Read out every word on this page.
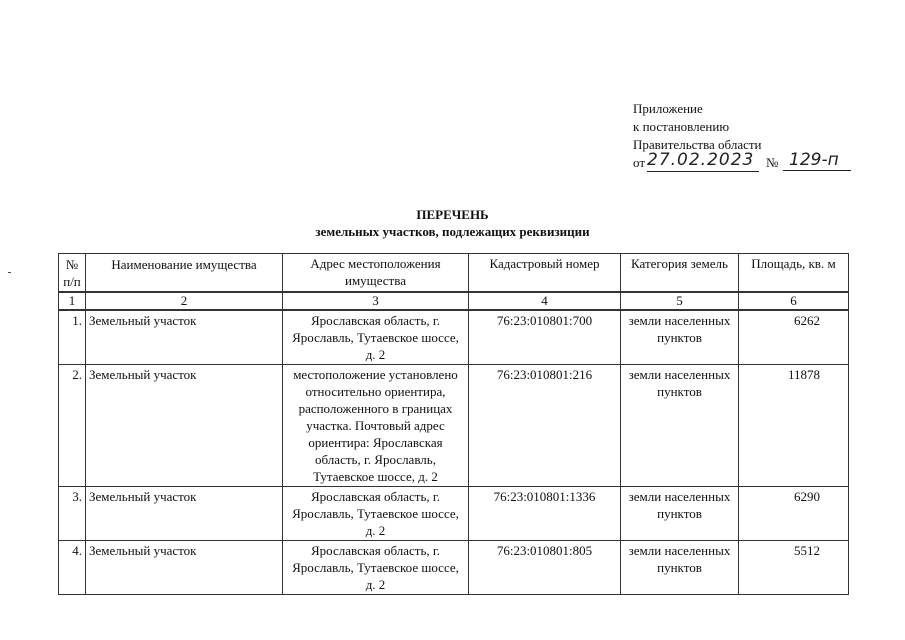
Приложение
к постановлению
Правительства области
от 27.02.2023 № 129-п
ПЕРЕЧЕНЬ
земельных участков, подлежащих реквизиции
№ п/п	Наименование имущества	Адрес местоположения имущества	Кадастровый номер	Категория земель	Площадь, кв. м
1	2	3	4	5	6
1.	Земельный участок	Ярославская область, г. Ярославль, Тутаевское шоссе, д. 2	76:23:010801:700	земли населенных пунктов	6262
2.	Земельный участок	местоположение установлено относительно ориентира, расположенного в границах участка. Почтовый адрес ориентира: Ярославская область, г. Ярославль, Тутаевское шоссе, д. 2	76:23:010801:216	земли населенных пунктов	11878
3.	Земельный участок	Ярославская область, г. Ярославль, Тутаевское шоссе, д. 2	76:23:010801:1336	земли населенных пунктов	6290
4.	Земельный участок	Ярославская область, г. Ярославль, Тутаевское шоссе, д. 2	76:23:010801:805	земли населенных пунктов	5512
